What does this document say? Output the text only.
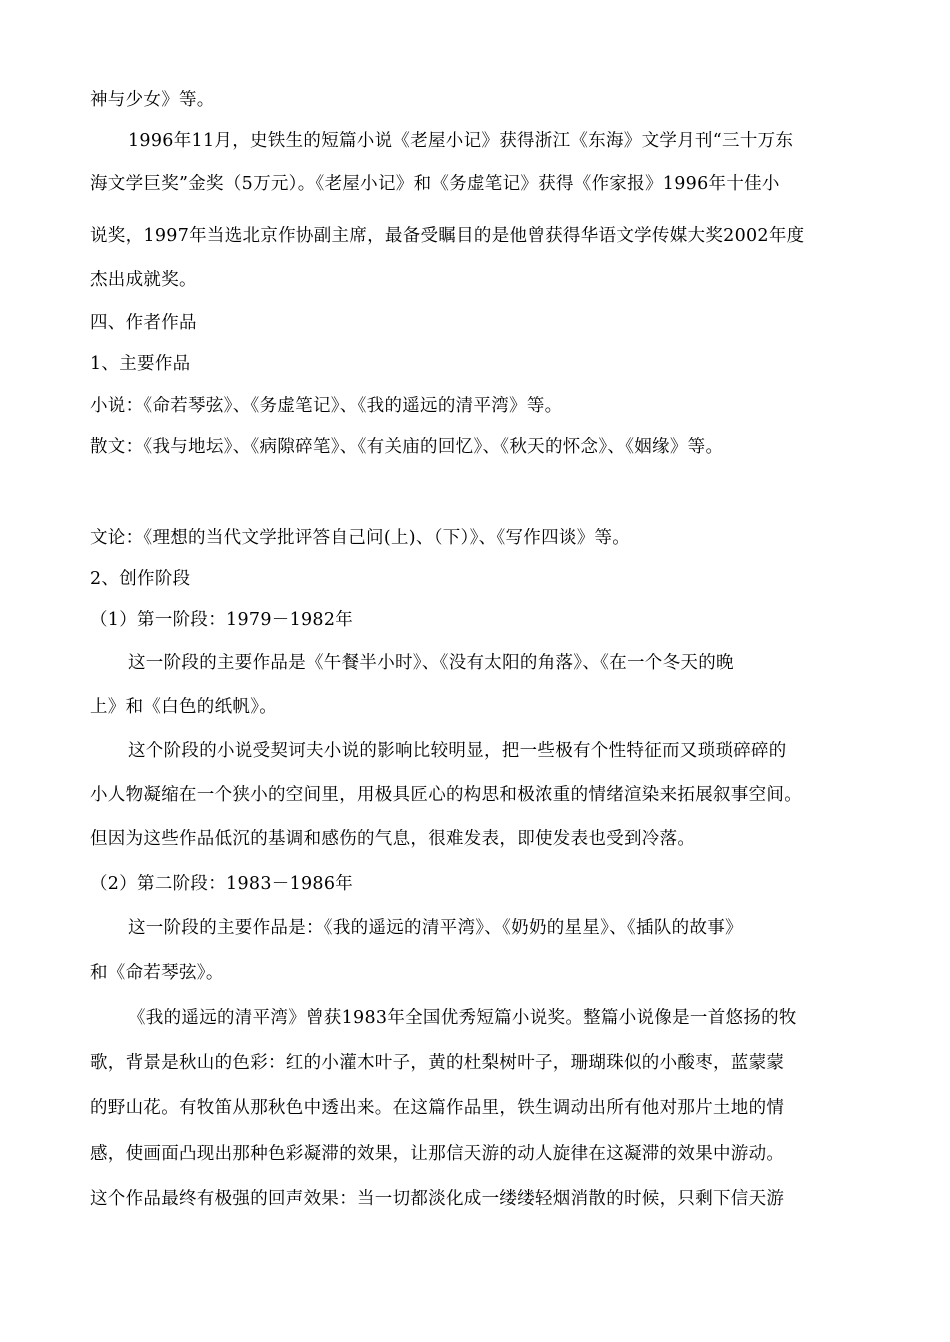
神与少女》等。
1996年11月，史铁生的短篇小说《老屋小记》获得浙江《东海》文学月刊“三十万东
海文学巨奖”金奖（5万元）。《老屋小记》和《务虚笔记》获得《作家报》1996年十佳小
说奖，1997年当选北京作协副主席，最备受瞩目的是他曾获得华语文学传媒大奖2002年度
杰出成就奖。
四、作者作品
1、主要作品
小说：《命若琴弦》、《务虚笔记》、《我的遥远的清平湾》等。
散文：《我与地坛》、《病隙碎笔》、《有关庙的回忆》、《秋天的怀念》、《姻缘》等。
文论：《理想的当代文学批评答自己问(上)、（下）》、《写作四谈》等。
2、创作阶段
（1）第一阶段：1979－1982年
这一阶段的主要作品是《午餐半小时》、《没有太阳的角落》、《在一个冬天的晚
上》和《白色的纸帆》。
这个阶段的小说受契诃夫小说的影响比较明显，把一些极有个性特征而又琐琐碎碎的
小人物凝缩在一个狭小的空间里，用极具匠心的构思和极浓重的情绪渲染来拓展叙事空间。
但因为这些作品低沉的基调和感伤的气息，很难发表，即使发表也受到冷落。
（2）第二阶段：1983－1986年
这一阶段的主要作品是：《我的遥远的清平湾》、《奶奶的星星》、《插队的故事》
和《命若琴弦》。
《我的遥远的清平湾》曾获1983年全国优秀短篇小说奖。整篇小说像是一首悠扬的牧
歌，背景是秋山的色彩：红的小灌木叶子，黄的杜梨树叶子，珊瑚珠似的小酸枣，蓝蒙蒙
的野山花。有牧笛从那秋色中透出来。在这篇作品里，铁生调动出所有他对那片土地的情
感，使画面凸现出那种色彩凝滞的效果，让那信天游的动人旋律在这凝滞的效果中游动。
这个作品最终有极强的回声效果：当一切都淡化成一缕缕轻烟消散的时候，只剩下信天游
